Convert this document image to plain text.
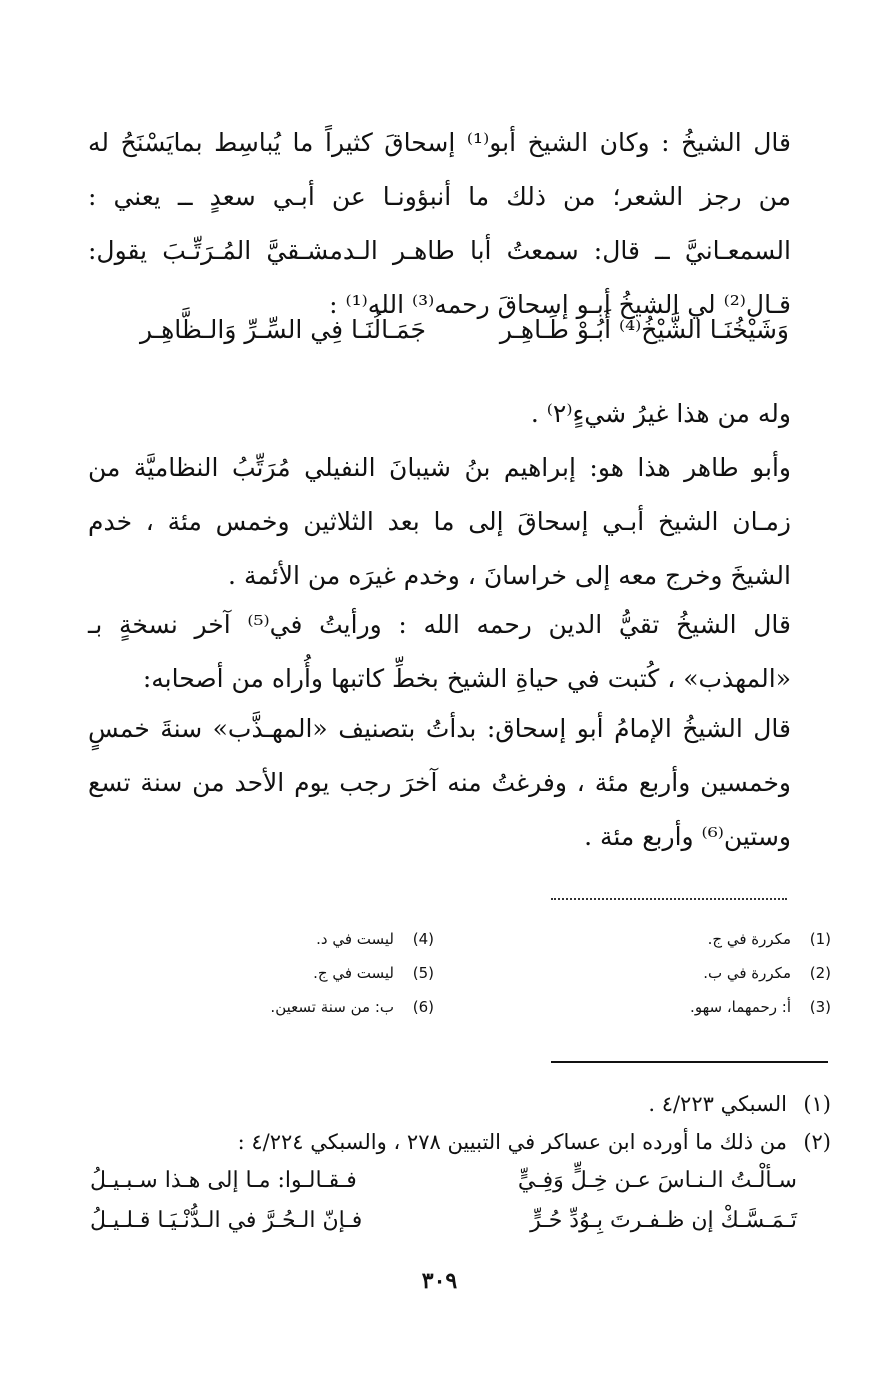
قال الشيخُ : وكان الشيخ أبو⁽¹⁾ إسحاقَ كثيراً ما يُباسِط بمايَسْنَحُ له من رجز الشعر؛ من ذلك ما أنبؤونـا عن أبـي سعدٍ ــ يعني : السمعـانيَّ ــ قال: سمعتُ أبا طاهـر الـدمشـقيَّ المُـرَتِّـبَ يقول: قـال⁽²⁾ لي الشيخُ أبـو إسحاقَ رحمه⁽³⁾ الله⁽¹⁾ :

وَشَيْخُنَـا الشَّيْخُ⁽⁴⁾ أَبُـوْ طَـاهِـر
جَمَـالُنَـا فِي السِّـرِّ وَالـظَّاهِـر

وله من هذا غيرُ شيءٍ⁽٢⁾ .

وأبو طاهر هذا هو: إبراهيم بنُ شيبانَ النفيلي مُرَتِّبُ النظاميَّة من زمـان الشيخ أبـي إسحاقَ إلى ما بعد الثلاثين وخمس مئة ، خدم الشيخَ وخرج معه إلى خراسانَ ، وخدم غيرَه من الأئمة .

قال الشيخُ تقيُّ الدين رحمه الله : ورأيتُ في⁽⁵⁾ آخر نسخةٍ بـ «المهذب» ، كُتبت في حياةِ الشيخ بخطِّ كاتبها وأُراه من أصحابه:

قال الشيخُ الإمامُ أبو إسحاق: بدأتُ بتصنيف «المهـذَّب» سنةَ خمسٍ وخمسين وأربع مئة ، وفرغتُ منه آخرَ رجب يوم الأحد من سنة تسع وستين⁽⁶⁾ وأربع مئة .

(1)مكررة في ج.
(2)مكررة في ب.
(3)أ: رحمهما، سهو.
(4)ليست في د.
(5)ليست في ج.
(6)ب: من سنة تسعين.
(١)السبكي ٤/٢٢٣ .
(٢)من ذلك ما أورده ابن عساكر في التبيين ٢٧٨ ، والسبكي ٤/٢٢٤ :
سـألْـتُ الـنـاسَ عـن خِـلٍّ وَفِـيٍّ
فـقـالـوا: مـا إلى هـذا سـبـيـلُ
تَـمَـسَّـكْ إن ظـفـرتَ بِـوُدِّ حُـرٍّ
فـإنّ الـحُـرَّ في الـدُّنْـيَـا قـلـيـلُ
٣٠٩
